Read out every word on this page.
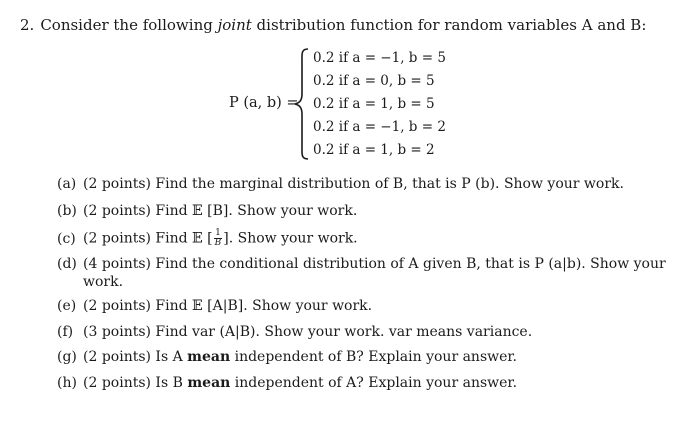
2. Consider the following joint distribution function for random variables A and B:
P (a, b) =
0.2 if a = −1, b = 5
0.2 if a = 0, b = 5
0.2 if a = 1, b = 5
0.2 if a = −1, b = 2
0.2 if a = 1, b = 2
(a) (2 points) Find the marginal distribution of B, that is P (b). Show your work.
(b) (2 points) Find 𝔼 [B]. Show your work.
(c) (2 points) Find 𝔼 [ $\frac{1}{B}$ ]. Show your work.
(d) (4 points) Find the conditional distribution of A given B, that is P (a|b). Show your
work.
(e) (2 points) Find 𝔼 [A|B]. Show your work.
(f) (3 points) Find var (A|B). Show your work. var means variance.
(g) (2 points) Is A mean independent of B? Explain your answer.
(h) (2 points) Is B mean independent of A? Explain your answer.
